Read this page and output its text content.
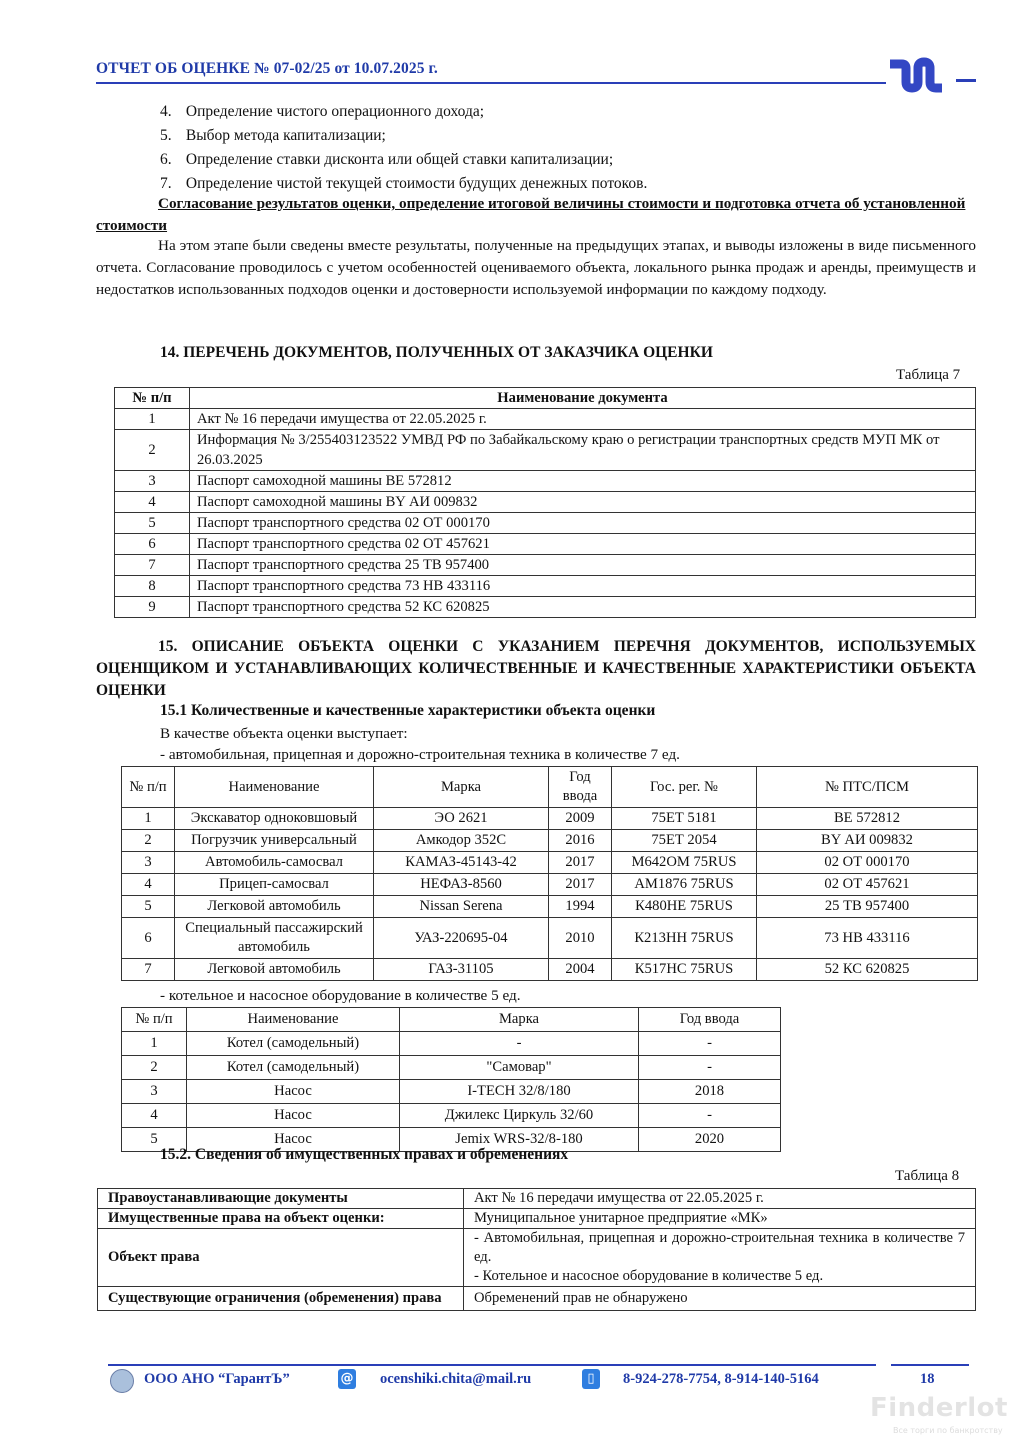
ОТЧЕТ ОБ ОЦЕНКЕ № 07-02/25 от 10.07.2025 г.
4. Определение чистого операционного дохода;
5. Выбор метода капитализации;
6. Определение ставки дисконта или общей ставки капитализации;
7. Определение чистой текущей стоимости будущих денежных потоков.
Согласование результатов оценки, определение итоговой величины стоимости и подготовка отчета об установленной стоимости
На этом этапе были сведены вместе результаты, полученные на предыдущих этапах, и выводы изложены в виде письменного отчета. Согласование проводилось с учетом особенностей оцениваемого объекта, локального рынка продаж и аренды, преимуществ и недостатков использованных подходов оценки и достоверности используемой информации по каждому подходу.
14. ПЕРЕЧЕНЬ ДОКУМЕНТОВ, ПОЛУЧЕННЫХ ОТ ЗАКАЗЧИКА ОЦЕНКИ
Таблица 7
№ п/п	Наименование документа
1	Акт № 16 передачи имущества от 22.05.2025 г.
2	Информация № 3/255403123522 УМВД РФ по Забайкальскому краю о регистрации транспортных средств МУП МК от 26.03.2025
3	Паспорт самоходной машины ВЕ 572812
4	Паспорт самоходной машины BY АИ 009832
5	Паспорт транспортного средства 02 ОТ 000170
6	Паспорт транспортного средства 02 ОТ 457621
7	Паспорт транспортного средства 25 ТВ 957400
8	Паспорт транспортного средства 73 НВ 433116
9	Паспорт транспортного средства 52 КС 620825
15. ОПИСАНИЕ ОБЪЕКТА ОЦЕНКИ С УКАЗАНИЕМ ПЕРЕЧНЯ ДОКУМЕНТОВ, ИСПОЛЬЗУЕМЫХ ОЦЕНЩИКОМ И УСТАНАВЛИВАЮЩИХ КОЛИЧЕСТВЕННЫЕ И КАЧЕСТВЕННЫЕ ХАРАКТЕРИСТИКИ ОБЪЕКТА ОЦЕНКИ
15.1 Количественные и качественные характеристики объекта оценки
В качестве объекта оценки выступает:
- автомобильная, прицепная и дорожно-строительная техника в количестве 7 ед.
№ п/п	Наименование	Марка	Год ввода	Гос. рег. №	№ ПТС/ПСМ
1	Экскаватор одноковшовый	ЭО 2621	2009	75ЕТ 5181	ВЕ 572812
2	Погрузчик универсальный	Амкодор 352С	2016	75ЕТ 2054	BY АИ 009832
3	Автомобиль-самосвал	КАМАЗ-45143-42	2017	М642ОМ 75RUS	02 ОТ 000170
4	Прицеп-самосвал	НЕФАЗ-8560	2017	АМ1876 75RUS	02 ОТ 457621
5	Легковой автомобиль	Nissan Serena	1994	К480НЕ 75RUS	25 ТВ 957400
6	Специальный пассажирский автомобиль	УАЗ-220695-04	2010	К213НН 75RUS	73 НВ 433116
7	Легковой автомобиль	ГАЗ-31105	2004	К517НС 75RUS	52 КС 620825
- котельное и насосное оборудование в количестве 5 ед.
№ п/п	Наименование	Марка	Год ввода
1	Котел (самодельный)	-	-
2	Котел (самодельный)	"Самовар"	-
3	Насос	I-TECH 32/8/180	2018
4	Насос	Джилекс Циркуль 32/60	-
5	Насос	Jemix WRS-32/8-180	2020
15.2. Сведения об имущественных правах и обременениях
Таблица 8
Правоустанавливающие документы	Акт № 16 передачи имущества от 22.05.2025 г.
Имущественные права на объект оценки:	Муниципальное унитарное предприятие «МК»
Объект права	- Автомобильная, прицепная и дорожно-строительная техника в количестве 7 ед.
- Котельное и насосное оборудование в количестве 5 ед.

Существующие ограничения (обременения) права	Обременений прав не обнаружено
ООО АНО “ГарантЪ”	@ ocenshiki.chita@mail.ru	▯	8-924-278-7754, 8-914-140-5164	18
Finderlot
Все торги по банкротству
